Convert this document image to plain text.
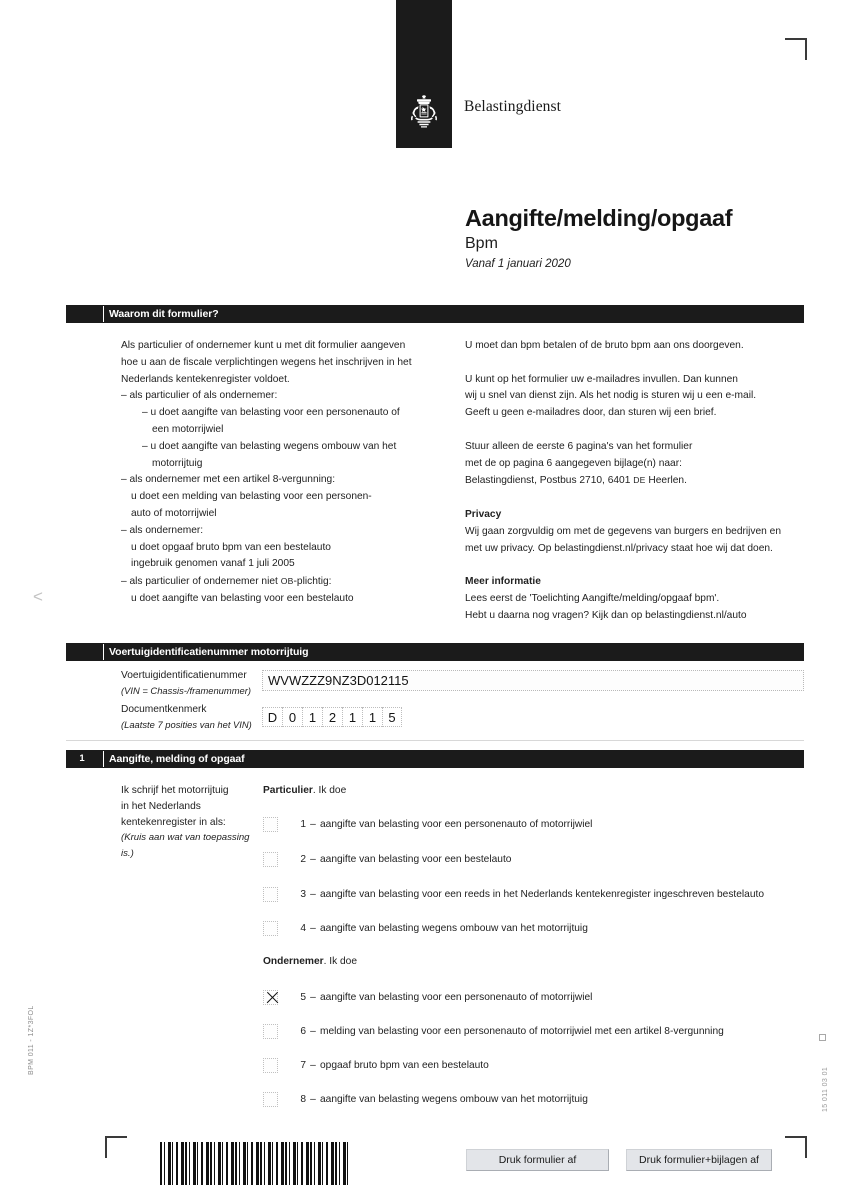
Belastingdienst
Aangifte/melding/opgaaf
Bpm
Vanaf 1 januari 2020
Waarom dit formulier?
Als particulier of ondernemer kunt u met dit formulier aangeven
hoe u aan de fiscale verplichtingen wegens het inschrijven in het
Nederlands kentekenregister voldoet.
– als particulier of als ondernemer:
– u doet aangifte van belasting voor een personenauto of
een motorrijwiel
– u doet aangifte van belasting wegens ombouw van het
motorrijtuig
– als ondernemer met een artikel 8-vergunning:
u doet een melding van belasting voor een personen-
auto of motorrijwiel
– als ondernemer:
u doet opgaaf bruto bpm van een bestelauto
ingebruik genomen vanaf 1 juli 2005
– als particulier of ondernemer niet OB-plichtig:
u doet aangifte van belasting voor een bestelauto
U moet dan bpm betalen of de bruto bpm aan ons doorgeven.
U kunt op het formulier uw e-mailadres invullen. Dan kunnen
wij u snel van dienst zijn. Als het nodig is sturen wij u een e-mail.
Geeft u geen e-mailadres door, dan sturen wij een brief.
Stuur alleen de eerste 6 pagina's van het formulier
met de op pagina 6 aangegeven bijlage(n) naar:
Belastingdienst, Postbus 2710, 6401 DE Heerlen.
Privacy
Wij gaan zorgvuldig om met de gegevens van burgers en bedrijven en
met uw privacy. Op belastingdienst.nl/privacy staat hoe wij dat doen.
Meer informatie
Lees eerst de 'Toelichting Aangifte/melding/opgaaf bpm'.
Hebt u daarna nog vragen? Kijk dan op belastingdienst.nl/auto
<
Voertuigidentificatienummer motorrijtuig
Voertuigidentificatienummer
(VIN = Chassis-/framenummer)
WVWZZZ9NZ3D012115
Documentkenmerk
(Laatste 7 posities van het VIN)	D 0 1 2 1 1 5
1	Aangifte, melding of opgaaf
Ik schrijf het motorrijtuig
in het Nederlands
kentekenregister in als:
(Kruis aan wat van toepassing is.)
Particulier. Ik doe
Ondernemer. Ik doe
BPM 011 - 1Z*3FOL
15 011 03 01
Druk formulier af	Druk formulier+bijlagen af
1 – aangifte van belasting voor een personenauto of motorrijwiel
2 – aangifte van belasting voor een bestelauto
3 – aangifte van belasting voor een reeds in het Nederlands kentekenregister ingeschreven bestelauto
4 – aangifte van belasting wegens ombouw van het motorrijtuig
5 – aangifte van belasting voor een personenauto of motorrijwiel
6 – melding van belasting voor een personenauto of motorrijwiel met een artikel 8-vergunning
7 – opgaaf bruto bpm van een bestelauto
8 – aangifte van belasting wegens ombouw van het motorrijtuig
